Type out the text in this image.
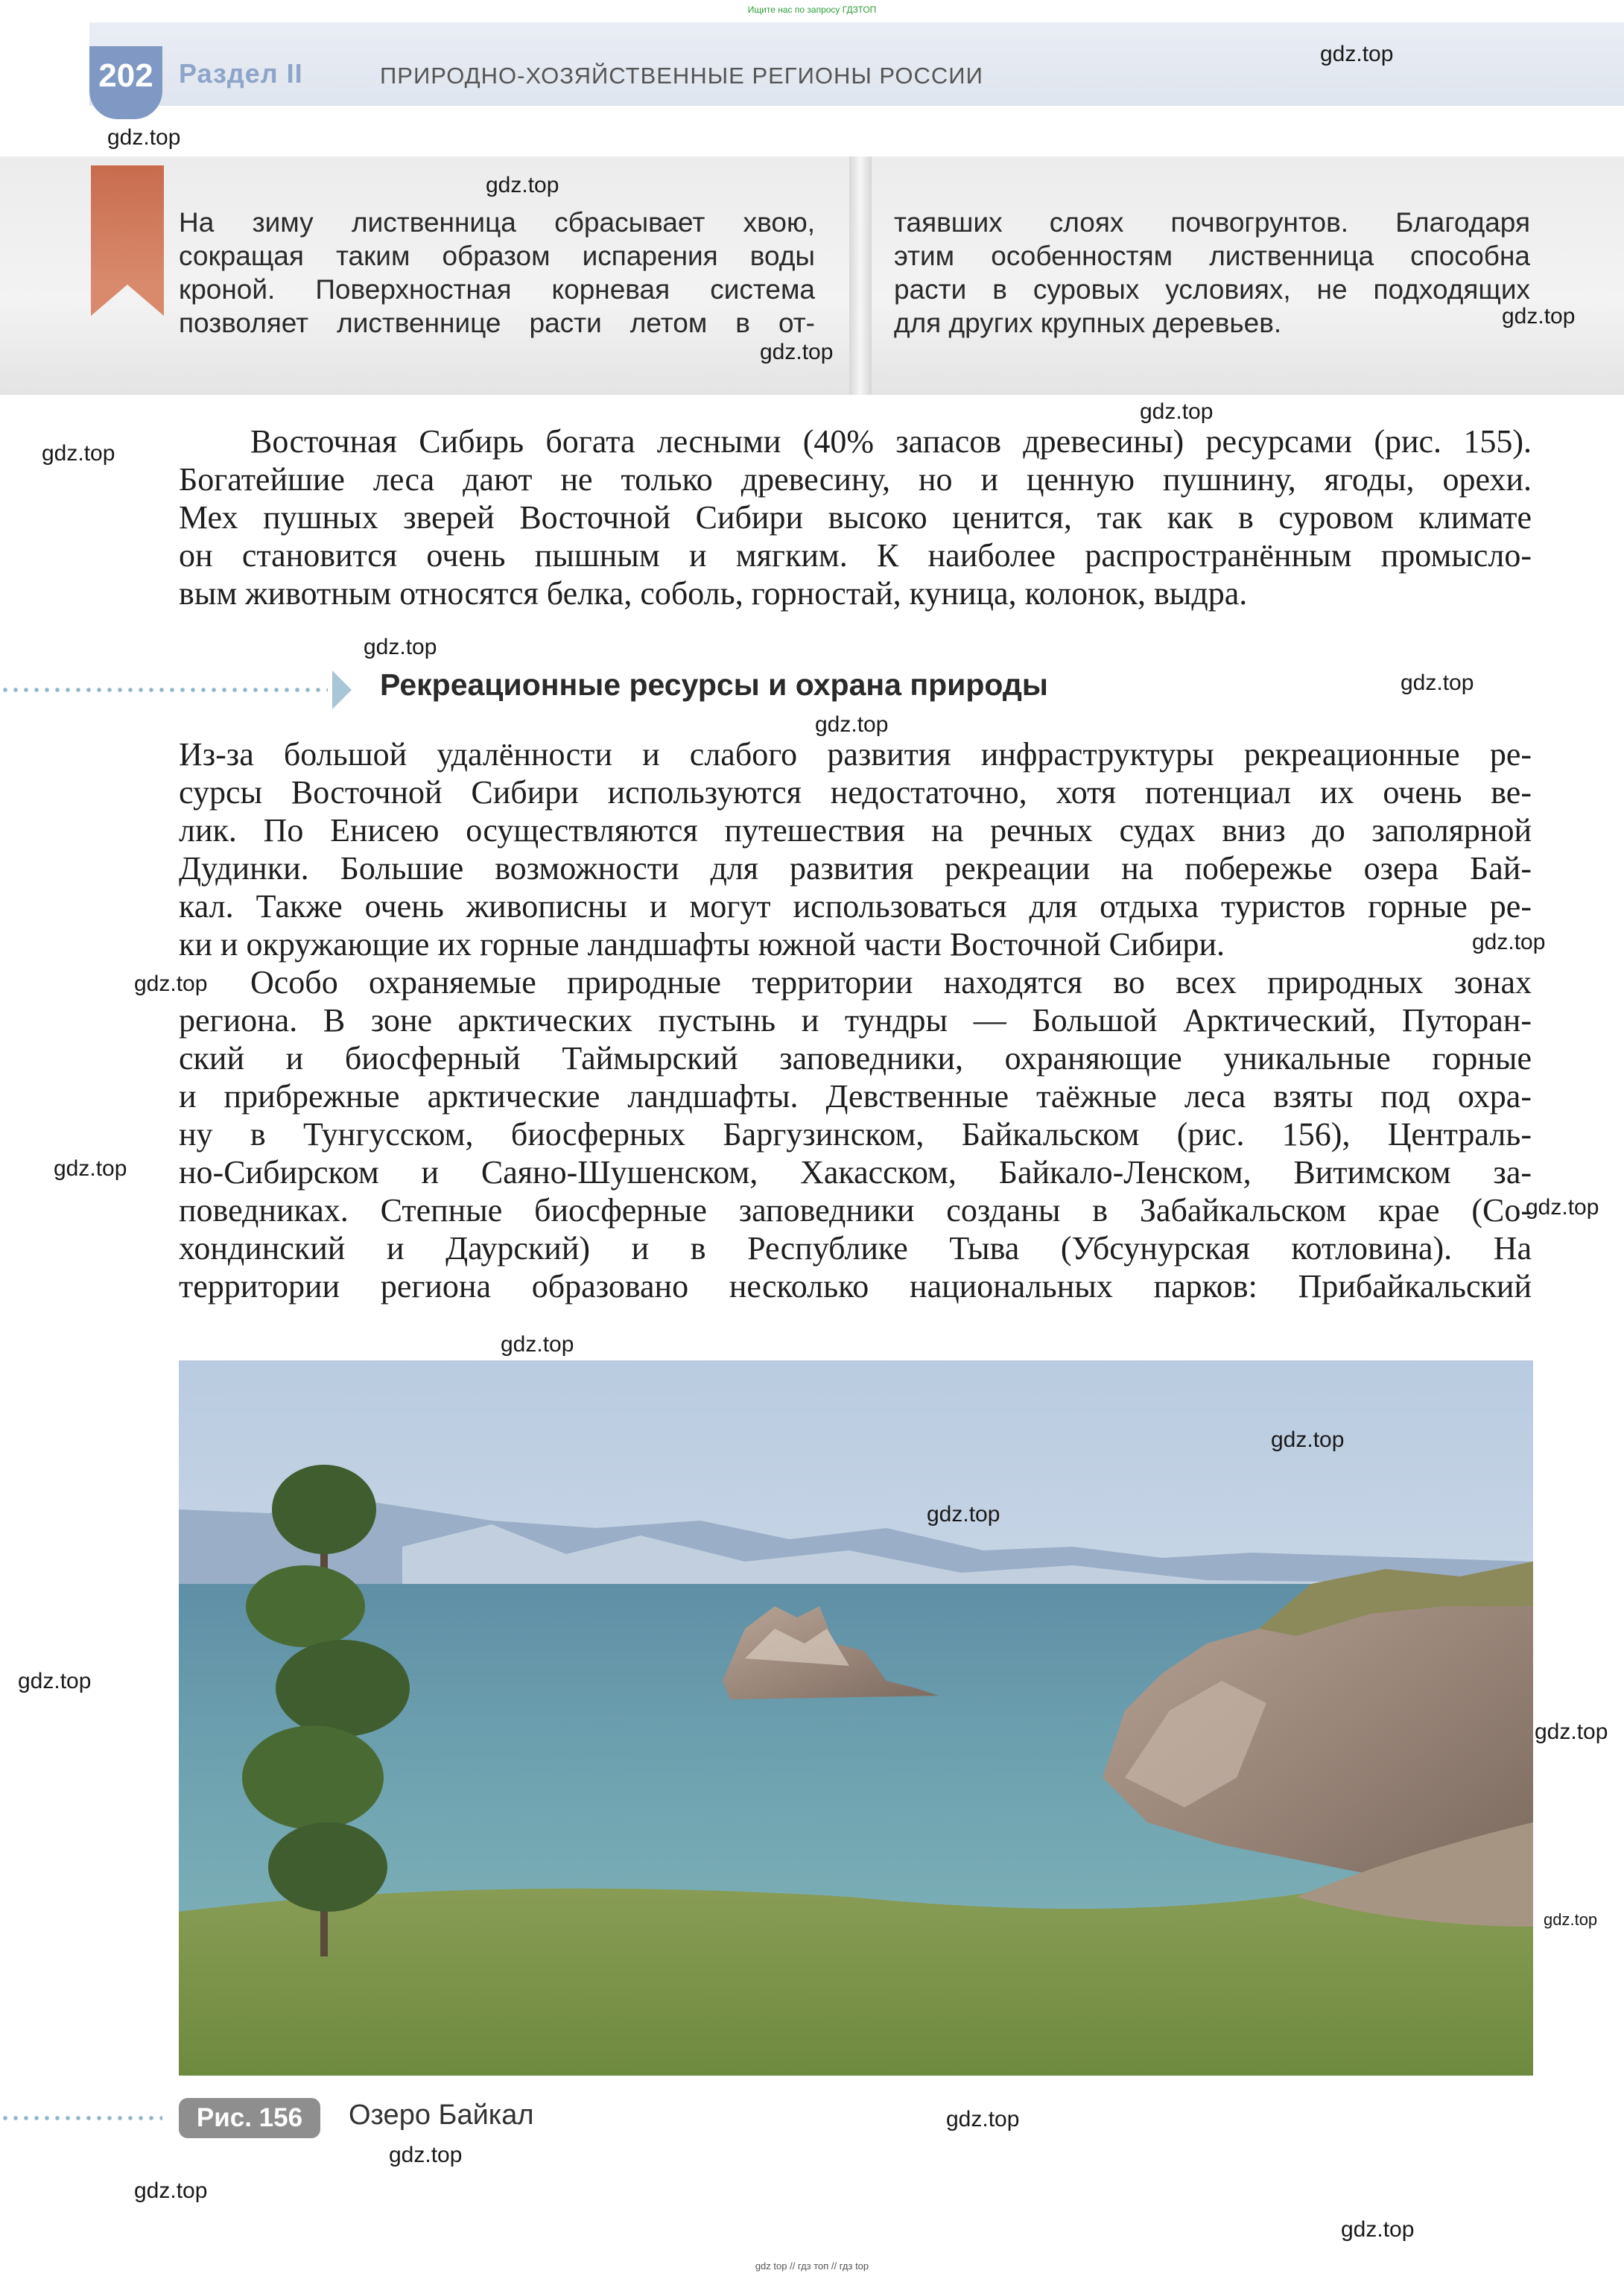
Ищите нас по запросу ГДЗТОП
202 Раздел II	ПРИРОДНО-ХОЗЯЙСТВЕННЫЕ РЕГИОНЫ РОССИИ
На зиму лиственница сбрасывает хвою,
сокращая таким образом испарения воды
кроной. Поверхностная корневая система
позволяет лиственнице расти летом в от-
таявших слоях почвогрунтов. Благодаря
этим особенностям лиственница способна
расти в суровых условиях, не подходящих
для других крупных деревьев.
Восточная Сибирь богата лесными (40% запасов древесины) ресурсами (рис. 155).
Богатейшие леса дают не только древесину, но и ценную пушнину, ягоды, орехи.
Мех пушных зверей Восточной Сибири высоко ценится, так как в суровом климате
он становится очень пышным и мягким. К наиболее распространённым промысло-
вым животным относятся белка, соболь, горностай, куница, колонок, выдра.
Рекреационные ресурсы и охрана природы
Из-за большой удалённости и слабого развития инфраструктуры рекреационные ре-
сурсы Восточной Сибири используются недостаточно, хотя потенциал их очень ве-
лик. По Енисею осуществляются путешествия на речных судах вниз до заполярной
Дудинки. Большие возможности для развития рекреации на побережье озера Бай-
кал. Также очень живописны и могут использоваться для отдыха туристов горные ре-
ки и окружающие их горные ландшафты южной части Восточной Сибири.
Особо охраняемые природные территории находятся во всех природных зонах
региона. В зоне арктических пустынь и тундры — Большой Арктический, Путоран-
ский и биосферный Таймырский заповедники, охраняющие уникальные горные
и прибрежные арктические ландшафты. Девственные таёжные леса взяты под охра-
ну в Тунгусском, биосферных Баргузинском, Байкальском (рис. 156), Централь-
но-Сибирском и Саяно-Шушенском, Хакасском, Байкало-Ленском, Витимском за-
поведниках. Степные биосферные заповедники созданы в Забайкальском крае (Со-
хондинский и Даурский) и в Республике Тыва (Убсунурская котловина). На
территории региона образовано несколько национальных парков: Прибайкальский
Рис. 156	Озеро Байкал
gdz top // гдз топ // гдз top
gdz.top
gdz.top
gdz.top
gdz.top
gdz.top
gdz.top
gdz.top
gdz.top
gdz.top
gdz.top
gdz.top
gdz.top
gdz.top
gdz.top
gdz.top
gdz.top
gdz.top
gdz.top
gdz.top
gdz.top
gdz.top
gdz.top
gdz.top
gdz.top
